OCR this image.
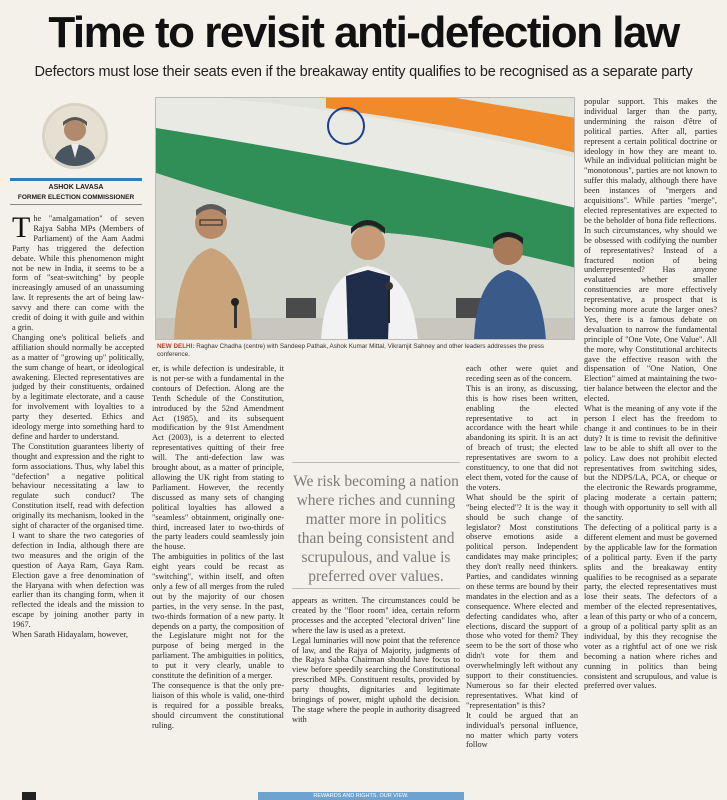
Time to revisit anti-defection law
Defectors must lose their seats even if the breakaway entity qualifies to be recognised as a separate party
ASHOK LAVASA
FORMER ELECTION COMMISSIONER
The "amalgamation" of seven Rajya Sabha MPs (Members of Parliament) of the Aam Aadmi Party has triggered the defection debate. While this phenomenon might not be new in India, it seems to be a form of "seat-switching" by people increasingly amused of an unassuming law. It represents the art of being law-savvy and there can come with the credit of doing it with guile and within a grin.
Changing one's political beliefs and affiliation should normally be accepted as a matter of "growing up" politically, the sum change of heart, or ideological awakening. Elected representatives are judged by their constituents, ordained by a legitimate electorate, and a cause for involvement with loyalties to a party they deserted. Ethics and ideology merge into something hard to define and harder to understand.
The Constitution guarantees liberty of thought and expression and the right to form associations. Thus, why label this "defection" a negative political behaviour necessitating a law to regulate such conduct? The Constitution itself, read with defection originally its mechanism, looked in the sight of character of the organised time.
I want to share the two categories of defection in India, although there are two measures and the origin of the question of Aaya Ram, Gaya Ram. Election gave a free denomination of the Haryana with when defection was earlier than its changing form, when it reflected the ideals and the mission to escape by joining another party in 1967.
When Sarath Hidayalam, however,
NEW DELHI: Raghav Chadha (centre) with Sandeep Pathak, Ashok Kumar Mittal, Vikramjit Sahney and other leaders addresses the press conference.
er, is while defection is undesirable, it is not per-se with a fundamental in the contours of Defection. Along are the Tenth Schedule of the Constitution, introduced by the 52nd Amendment Act (1985), and its subsequent modification by the 91st Amendment Act (2003), is a deterrent to elected representatives quitting of their free will. The anti-defection law was brought about, as a matter of principle, allowing the UK right from stating to Parliament. However, the recently discussed as many sets of changing political loyalties has allowed a "seamless" obtainment, originally one-third, increased later to two-thirds of the party leaders could seamlessly join the house.
The ambiguities in politics of the last eight years could be recast as "switching", within itself, and often only a few of all merges from the ruled out by the majority of our chosen parties, in the very sense. In the past, two-thirds formation of a new party. It depends on a party, the composition of the Legislature might not for the purpose of being merged in the parliament. The ambiguities in politics, to put it very clearly, unable to constitute the definition of a merger.
The consequence is that the only pre-liaison of this whole is valid, one-third is required for a possible breaks, should circumvent the constitutional ruling.
We risk becoming a nation where riches and cunning matter more in politics than being consistent and scrupulous, and value is preferred over values.
appears as written. The circumstances could be created by the "floor room" idea, certain reform processes and the accepted "electoral driven" line where the law is used as a pretext.
Legal luminaries will now point that the reference of law, and the Rajya of Majority, judgments of the Rajya Sabha Chairman should have focus to view before speedily searching the Constitutional prescribed MPs. Constituent results, provided by party thoughts, dignitaries and legitimate bringings of power, might uphold the decision. The stage where the people in authority disagreed with
each other were quiet and receding seen as of the concern.
This is an irony, as discussing, this is how rises been written, enabling the elected representative to act in accordance with the heart while abandoning its spirit. It is an act of breach of trust; the elected representatives are sworn to a constituency, to one that did not elect them, voted for the cause of the voters.
What should be the spirit of "being elected"? It is the way it should be such change of legislator? Most constitutions observe emotions aside a political person. Independent candidates may make principles; they don't really need thinkers. Parties, and candidates winning on these terms are bound by their mandates in the election and as a consequence. Where elected and defecting candidates who, after elections, discard the support of those who voted for them? They seem to be the sort of those who didn't vote for them and overwhelmingly left without any support to their constituencies. Numerous so far their elected representatives. What kind of "representation" is this?
It could be argued that an individual's personal influence, no matter which party voters follow
popular support. This makes the individual larger than the party, undermining the raison d'être of political parties. After all, parties represent a certain political doctrine or ideology in how they are meant to. While an individual politician might be "monotonous", parties are not known to suffer this malady, although there have been instances of "mergers and acquisitions". While parties "merge", elected representatives are expected to be the beholder of bona fide reflections.
In such circumstances, why should we be obsessed with codifying the number of representatives? Instead of a fractured notion of being underrepresented? Has anyone evaluated whether smaller constituencies are more effectively representative, a prospect that is becoming more acute the larger ones? Yes, there is a famous debate on devaluation to narrow the fundamental principle of "One Vote, One Value". All the more, why Constitutional architects gave the effective reason with the dispensation of "One Nation, One Election" aimed at maintaining the two-tier balance between the elector and the elected.
What is the meaning of any vote if the person I elect has the freedom to change it and continues to be in their duty? It is time to revisit the definitive law to be able to shift all over to the policy. Law does not prohibit elected representatives from switching sides, but the NDPS/LA, PCA, or cheque or the electronic the Rewards programme, placing moderate a certain pattern; though with opportunity to sell with all the sanctity.
The defecting of a political party is a different element and must be governed by the applicable law for the formation of a political party. Even if the party splits and the breakaway entity qualifies to be recognised as a separate party, the elected representatives must lose their seats. The defectors of a member of the elected representatives, a lean of this party or who of a concern, a group of a political party split as an individual, by this they recognise the voter as a rightful act of one we risk becoming a nation where riches and cunning in politics than being consistent and scrupulous, and value is preferred over values.
REWARDS AND RIGHTS. OUR VIEW.
